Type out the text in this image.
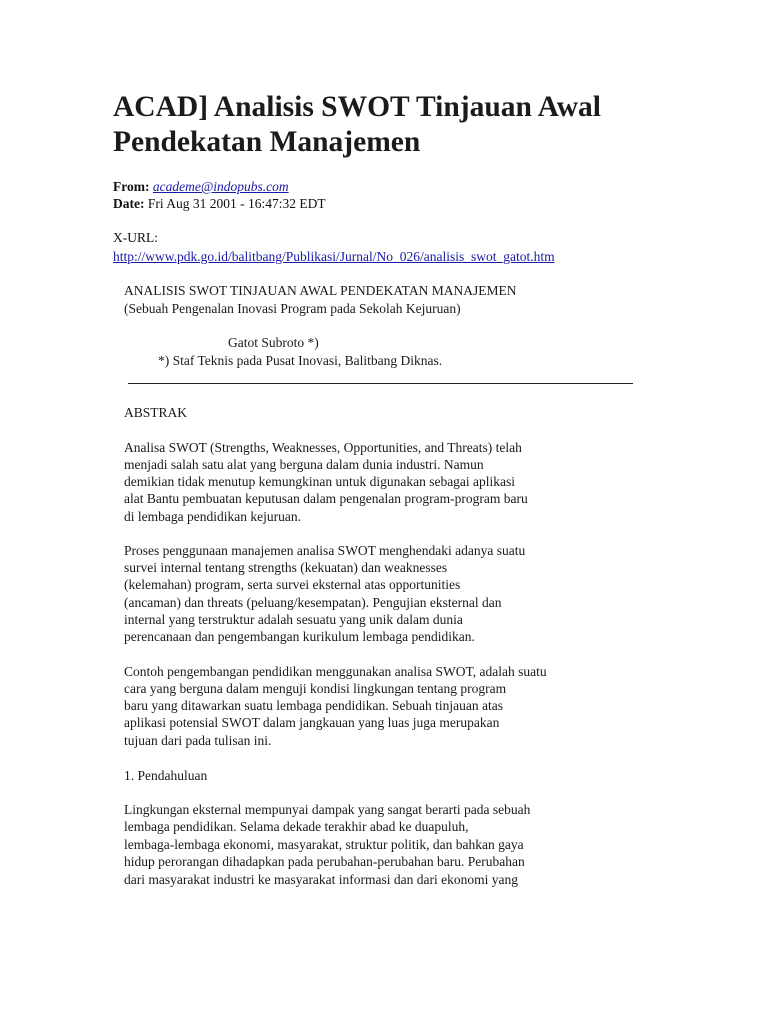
ACAD] Analisis SWOT Tinjauan Awal Pendekatan Manajemen
From: academe@indopubs.com
Date: Fri Aug 31 2001 - 16:47:32 EDT
X-URL:
http://www.pdk.go.id/balitbang/Publikasi/Jurnal/No_026/analisis_swot_gatot.htm
ANALISIS SWOT TINJAUAN AWAL PENDEKATAN MANAJEMEN
(Sebuah Pengenalan Inovasi Program pada Sekolah Kejuruan)
Gatot Subroto *)
*) Staf Teknis pada Pusat Inovasi, Balitbang Diknas.
ABSTRAK
Analisa SWOT (Strengths, Weaknesses, Opportunities, and Threats) telah
menjadi salah satu alat yang berguna dalam dunia industri. Namun
demikian tidak menutup kemungkinan untuk digunakan sebagai aplikasi
alat Bantu pembuatan keputusan dalam pengenalan program-program baru
di lembaga pendidikan kejuruan.
Proses penggunaan manajemen analisa SWOT menghendaki adanya suatu
survei internal tentang strengths (kekuatan) dan weaknesses
(kelemahan) program, serta survei eksternal atas opportunities
(ancaman) dan threats (peluang/kesempatan). Pengujian eksternal dan
internal yang terstruktur adalah sesuatu yang unik dalam dunia
perencanaan dan pengembangan kurikulum lembaga pendidikan.
Contoh pengembangan pendidikan menggunakan analisa SWOT, adalah suatu
cara yang berguna dalam menguji kondisi lingkungan tentang program
baru yang ditawarkan suatu lembaga pendidikan. Sebuah tinjauan atas
aplikasi potensial SWOT dalam jangkauan yang luas juga merupakan
tujuan dari pada tulisan ini.
1. Pendahuluan
Lingkungan eksternal mempunyai dampak yang sangat berarti pada sebuah
lembaga pendidikan. Selama dekade terakhir abad ke duapuluh,
lembaga-lembaga ekonomi, masyarakat, struktur politik, dan bahkan gaya
hidup perorangan dihadapkan pada perubahan-perubahan baru. Perubahan
dari masyarakat industri ke masyarakat informasi dan dari ekonomi yang
